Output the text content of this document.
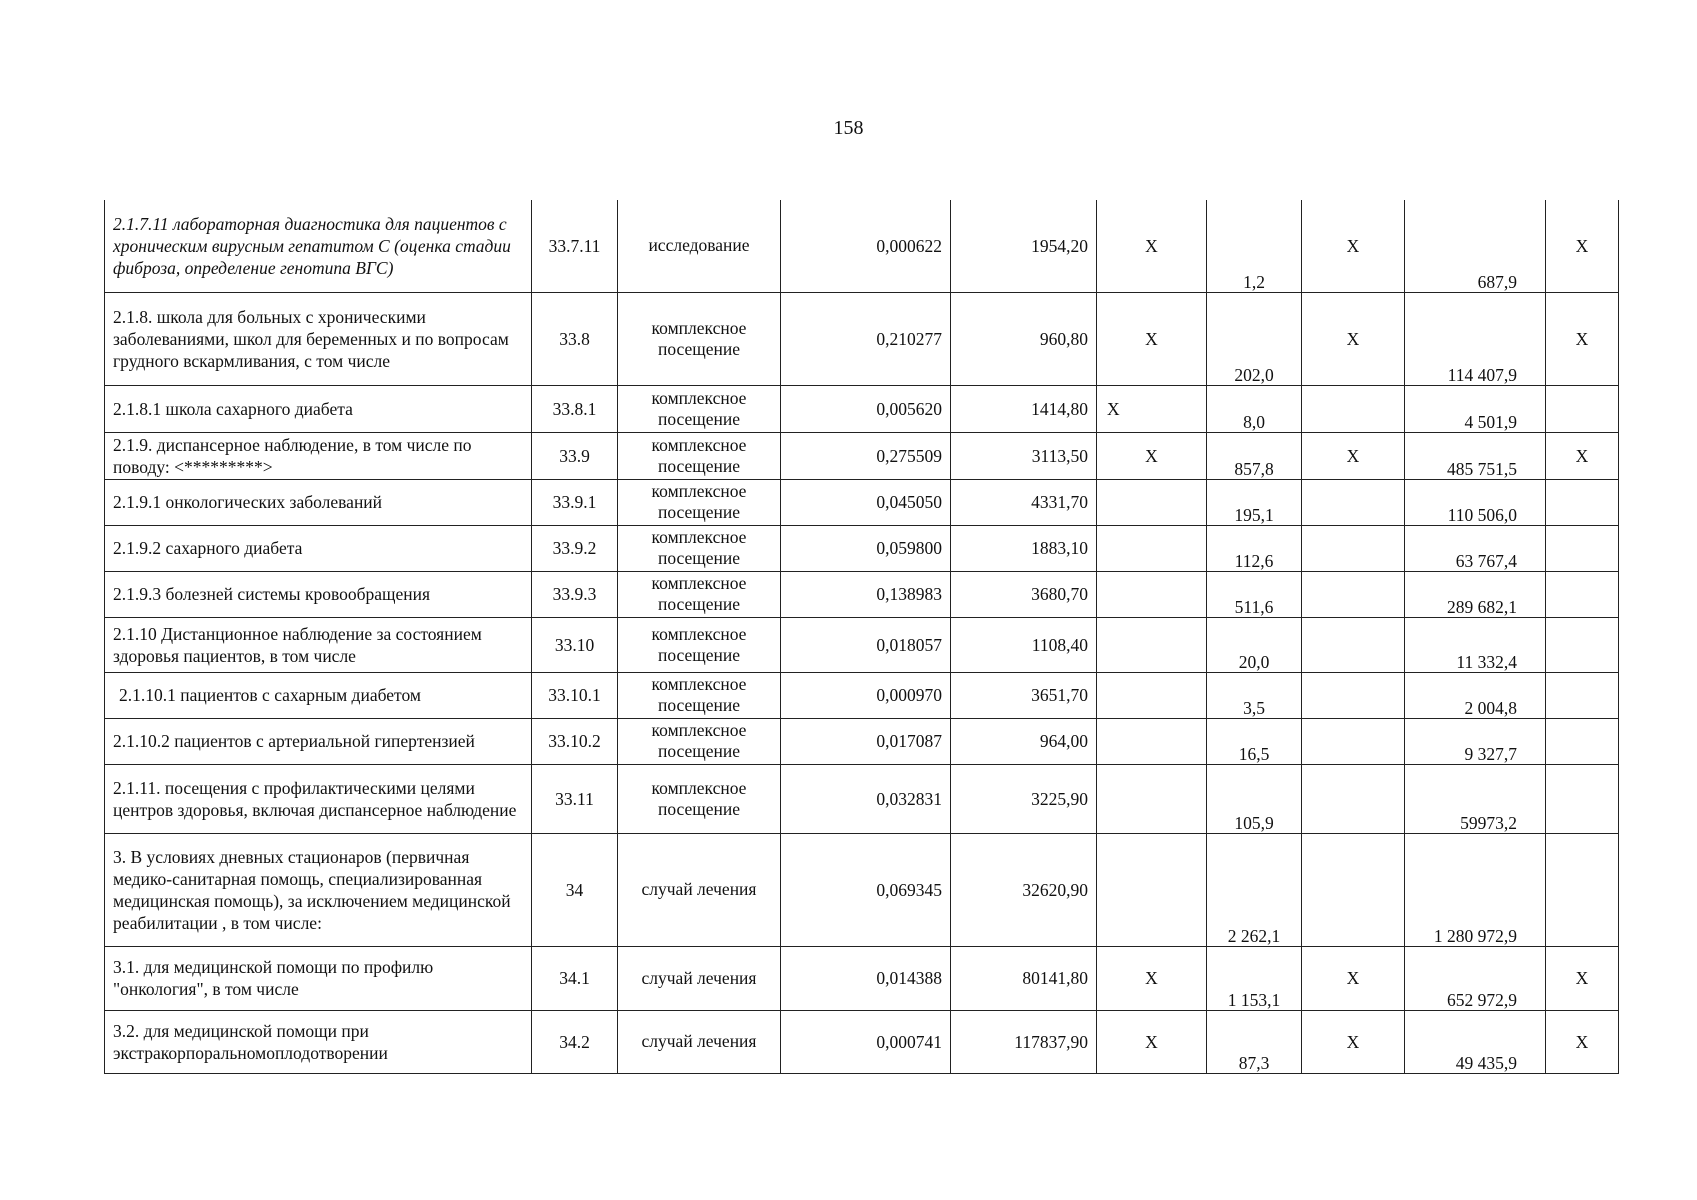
158
2.1.7.11 лабораторная диагностика для пациентов с хроническим вирусным гепатитом С (оценка стадии фиброза, определение генотипа ВГС)	33.7.11	исследование	0,000622	1954,20	Х	1,2	Х	687,9	Х
2.1.8. школа для больных с хроническими заболеваниями, школ для беременных и по вопросам грудного вскармливания, с том числе	33.8	комплексное посещение	0,210277	960,80	Х	202,0	Х	114 407,9	Х
2.1.8.1 школа сахарного диабета	33.8.1	комплексное посещение	0,005620	1414,80	Х	8,0		4 501,9	
2.1.9. диспансерное наблюдение, в том числе по поводу: <*********>	33.9	комплексное посещение	0,275509	3113,50	Х	857,8	Х	485 751,5	Х
2.1.9.1 онкологических заболеваний	33.9.1	комплексное посещение	0,045050	4331,70		195,1		110 506,0	
2.1.9.2 сахарного диабета	33.9.2	комплексное посещение	0,059800	1883,10		112,6		63 767,4	
2.1.9.3 болезней системы кровообращения	33.9.3	комплексное посещение	0,138983	3680,70		511,6		289 682,1	
2.1.10 Дистанционное наблюдение за состоянием здоровья пациентов, в том числе	33.10	комплексное посещение	0,018057	1108,40		20,0		11 332,4	
2.1.10.1 пациентов с сахарным диабетом	33.10.1	комплексное посещение	0,000970	3651,70		3,5		2 004,8	
2.1.10.2 пациентов с артериальной гипертензией	33.10.2	комплексное посещение	0,017087	964,00		16,5		9 327,7	
2.1.11. посещения с профилактическими целями центров здоровья, включая диспансерное наблюдение	33.11	комплексное посещение	0,032831	3225,90		105,9		59973,2	
3. В условиях дневных стационаров (первичная медико-санитарная помощь, специализированная медицинская помощь), за исключением медицинской реабилитации , в том числе:	34	случай лечения	0,069345	32620,90		2 262,1		1 280 972,9	
3.1. для медицинской помощи по профилю "онкология", в том числе	34.1	случай лечения	0,014388	80141,80	Х	1 153,1	Х	652 972,9	Х
3.2. для медицинской помощи при экстракорпоральномоплодотворении	34.2	случай лечения	0,000741	117837,90	Х	87,3	Х	49 435,9	Х
